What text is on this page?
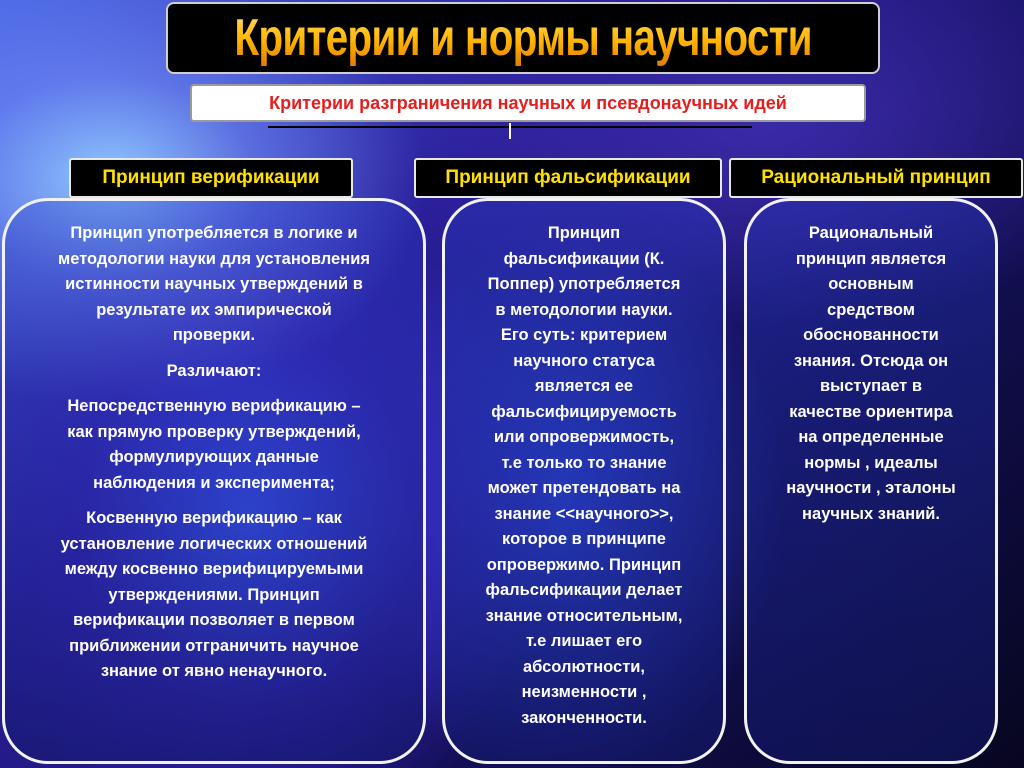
Критерии и нормы научности
Критерии разграничения научных и псевдонаучных идей
Принцип верификации	Принцип фальсификации	Рациональный принцип

Принцип употребляется в логике и
методологии науки для установления
истинности научных утверждений в
результате их эмпирической
проверки.

Различают:

Непосредственную верификацию –
как прямую проверку утверждений,
формулирующих данные
наблюдения и эксперимента;

Косвенную верификацию – как
установление логических отношений
между косвенно верифицируемыми
утверждениями. Принцип
верификации позволяет в первом
приближении отграничить научное
знание от явно ненаучного.

Принцип
фальсификации (К.
Поппер) употребляется
в методологии науки.
Его суть: критерием
научного статуса
является ее
фальсифицируемость
или опровержимость,
т.е только то знание
может претендовать на
знание <<научного>>,
которое в принципе
опровержимо. Принцип
фальсификации делает
знание относительным,
т.е лишает его
абсолютности,
неизменности ,
законченности.

Рациональный
принцип является
основным
средством
обоснованности
знания. Отсюда он
выступает в
качестве ориентира
на определенные
нормы , идеалы
научности , эталоны
научных знаний.
